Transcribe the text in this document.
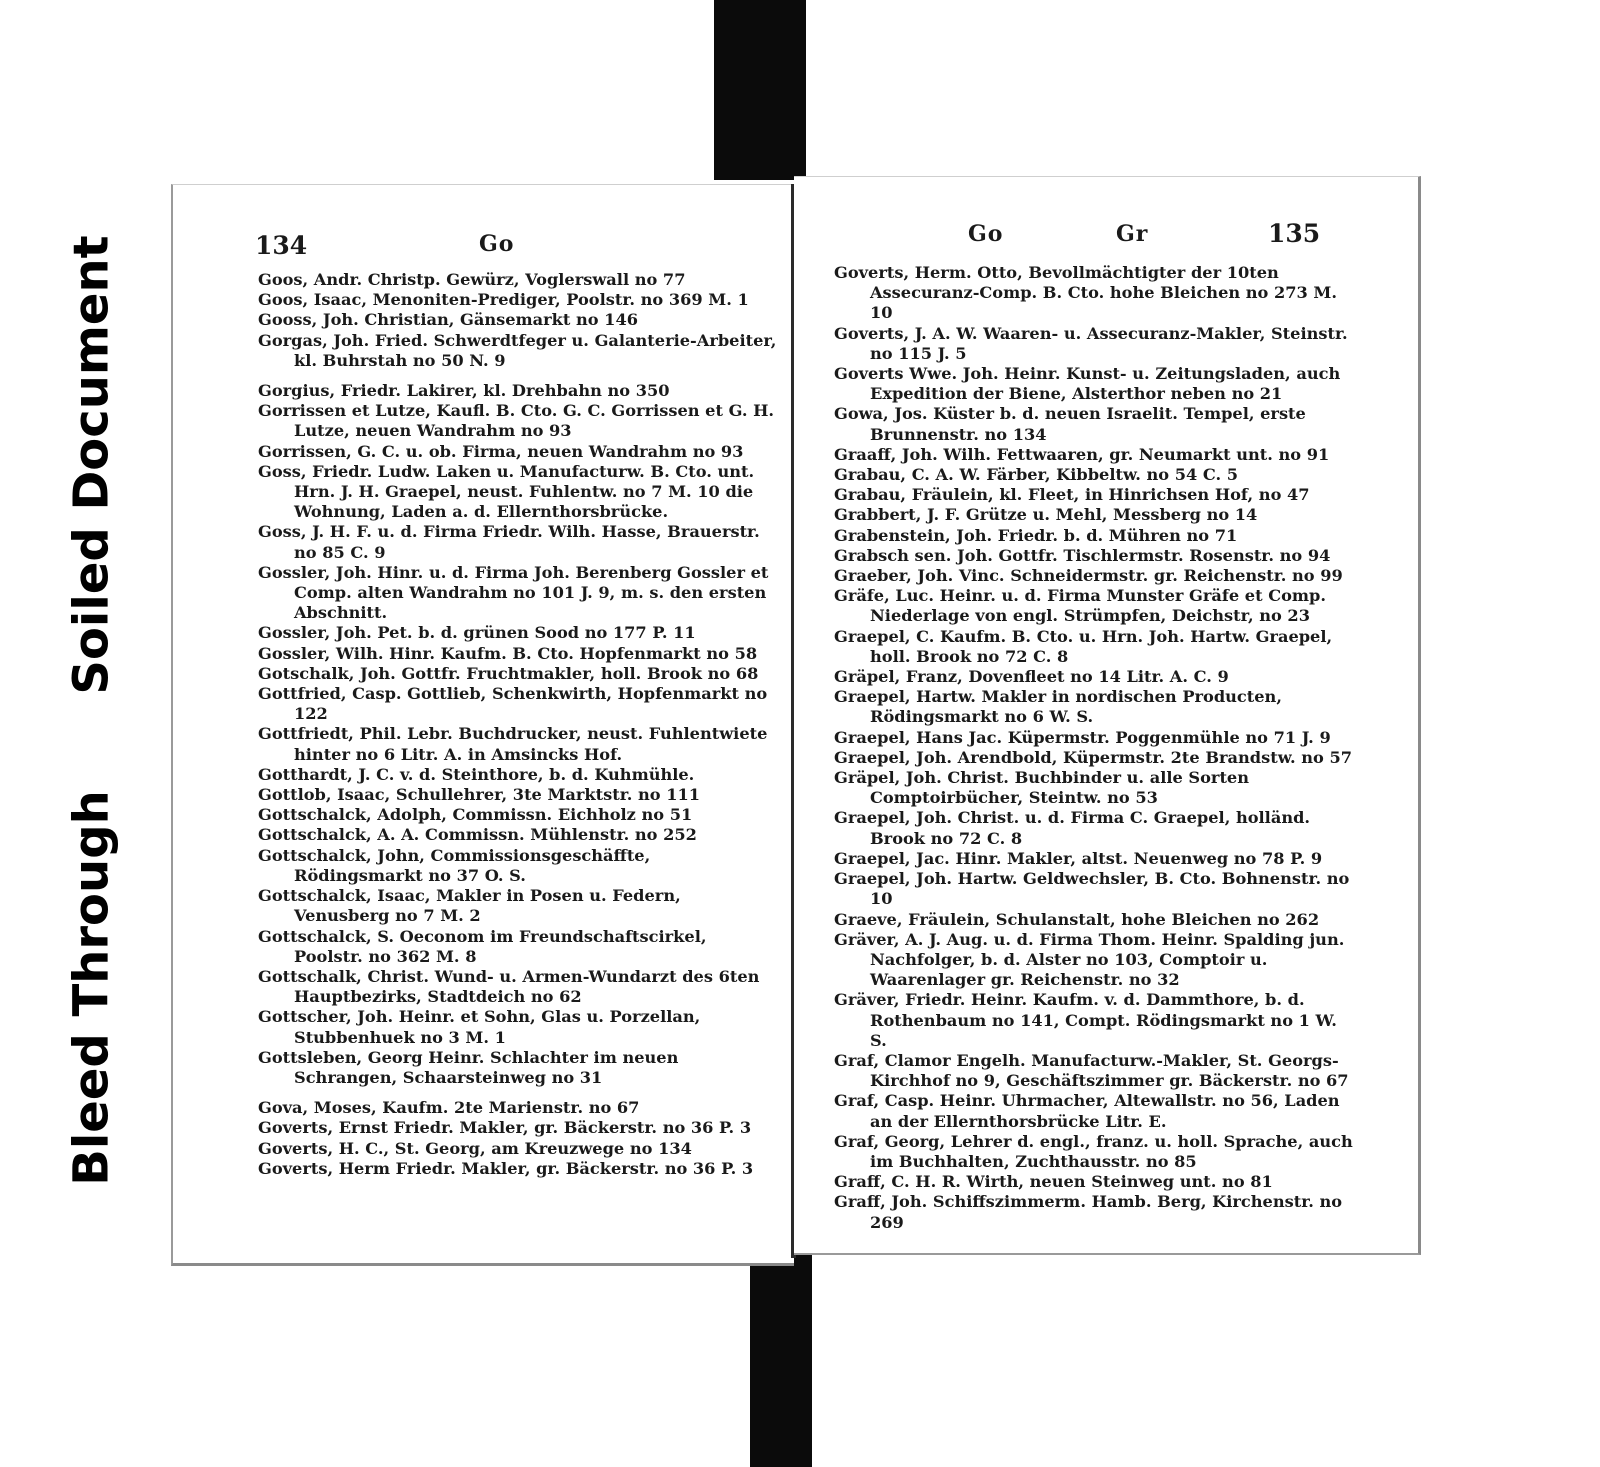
Soiled Document
Bleed Through
134	Go

Goos, Andr. Christp. Gewürz, Voglerswall no 77

Goos, Isaac, Menoniten-Prediger, Poolstr. no 369 M. 1

Gooss, Joh. Christian, Gänsemarkt no 146

Gorgas, Joh. Fried. Schwerdtfeger u. Galanterie-Arbeiter, kl. Buhrstah no 50 N. 9

Gorgius, Friedr. Lakirer, kl. Drehbahn no 350

Gorrissen et Lutze, Kaufl. B. Cto. G. C. Gorrissen et G. H. Lutze, neuen Wandrahm no 93

Gorrissen, G. C. u. ob. Firma, neuen Wandrahm no 93

Goss, Friedr. Ludw. Laken u. Manufacturw. B. Cto. unt. Hrn. J. H. Graepel, neust. Fuhlentw. no 7 M. 10 die Wohnung, Laden a. d. Ellernthorsbrücke.

Goss, J. H. F. u. d. Firma Friedr. Wilh. Hasse, Brauerstr. no 85 C. 9

Gossler, Joh. Hinr. u. d. Firma Joh. Berenberg Gossler et Comp. alten Wandrahm no 101 J. 9, m. s. den ersten Abschnitt.

Gossler, Joh. Pet. b. d. grünen Sood no 177 P. 11

Gossler, Wilh. Hinr. Kaufm. B. Cto. Hopfenmarkt no 58

Gotschalk, Joh. Gottfr. Fruchtmakler, holl. Brook no 68

Gottfried, Casp. Gottlieb, Schenkwirth, Hopfenmarkt no 122

Gottfriedt, Phil. Lebr. Buchdrucker, neust. Fuhlentwiete hinter no 6 Litr. A. in Amsincks Hof.

Gotthardt, J. C. v. d. Steinthore, b. d. Kuhmühle.

Gottlob, Isaac, Schullehrer, 3te Marktstr. no 111

Gottschalck, Adolph, Commissn. Eichholz no 51

Gottschalck, A. A. Commissn. Mühlenstr. no 252

Gottschalck, John, Commissionsgeschäffte, Rödingsmarkt no 37 O. S.

Gottschalck, Isaac, Makler in Posen u. Federn, Venusberg no 7 M. 2

Gottschalck, S. Oeconom im Freundschaftscirkel, Poolstr. no 362 M. 8

Gottschalk, Christ. Wund- u. Armen-Wundarzt des 6ten Hauptbezirks, Stadtdeich no 62

Gottscher, Joh. Heinr. et Sohn, Glas u. Porzellan, Stubbenhuek no 3 M. 1

Gottsleben, Georg Heinr. Schlachter im neuen Schrangen, Schaarsteinweg no 31

Gova, Moses, Kaufm. 2te Marienstr. no 67

Goverts, Ernst Friedr. Makler, gr. Bäckerstr. no 36 P. 3

Goverts, H. C., St. Georg, am Kreuzwege no 134

Goverts, Herm Friedr. Makler, gr. Bäckerstr. no 36 P. 3

Go	Gr	135

Goverts, Herm. Otto, Bevollmächtigter der 10ten Assecuranz-Comp. B. Cto. hohe Bleichen no 273 M. 10

Goverts, J. A. W. Waaren- u. Assecuranz-Makler, Steinstr. no 115 J. 5

Goverts Wwe. Joh. Heinr. Kunst- u. Zeitungsladen, auch Expedition der Biene, Alsterthor neben no 21

Gowa, Jos. Küster b. d. neuen Israelit. Tempel, erste Brunnenstr. no 134

Graaff, Joh. Wilh. Fettwaaren, gr. Neumarkt unt. no 91

Grabau, C. A. W. Färber, Kibbeltw. no 54 C. 5

Grabau, Fräulein, kl. Fleet, in Hinrichsen Hof, no 47

Grabbert, J. F. Grütze u. Mehl, Messberg no 14

Grabenstein, Joh. Friedr. b. d. Mühren no 71

Grabsch sen. Joh. Gottfr. Tischlermstr. Rosenstr. no 94

Graeber, Joh. Vinc. Schneidermstr. gr. Reichenstr. no 99

Gräfe, Luc. Heinr. u. d. Firma Munster Gräfe et Comp. Niederlage von engl. Strümpfen, Deichstr, no 23

Graepel, C. Kaufm. B. Cto. u. Hrn. Joh. Hartw. Graepel, holl. Brook no 72 C. 8

Gräpel, Franz, Dovenfleet no 14 Litr. A. C. 9

Graepel, Hartw. Makler in nordischen Producten, Rödingsmarkt no 6 W. S.

Graepel, Hans Jac. Küpermstr. Poggenmühle no 71 J. 9

Graepel, Joh. Arendbold, Küpermstr. 2te Brandstw. no 57

Gräpel, Joh. Christ. Buchbinder u. alle Sorten Comptoirbücher, Steintw. no 53

Graepel, Joh. Christ. u. d. Firma C. Graepel, holländ. Brook no 72 C. 8

Graepel, Jac. Hinr. Makler, altst. Neuenweg no 78 P. 9

Graepel, Joh. Hartw. Geldwechsler, B. Cto. Bohnenstr. no 10

Graeve, Fräulein, Schulanstalt, hohe Bleichen no 262

Gräver, A. J. Aug. u. d. Firma Thom. Heinr. Spalding jun. Nachfolger, b. d. Alster no 103, Comptoir u. Waarenlager gr. Reichenstr. no 32

Gräver, Friedr. Heinr. Kaufm. v. d. Dammthore, b. d. Rothenbaum no 141, Compt. Rödingsmarkt no 1 W. S.

Graf, Clamor Engelh. Manufacturw.-Makler, St. Georgs-Kirchhof no 9, Geschäftszimmer gr. Bäckerstr. no 67

Graf, Casp. Heinr. Uhrmacher, Altewallstr. no 56, Laden an der Ellernthorsbrücke Litr. E.

Graf, Georg, Lehrer d. engl., franz. u. holl. Sprache, auch im Buchhalten, Zuchthausstr. no 85

Graff, C. H. R. Wirth, neuen Steinweg unt. no 81

Graff, Joh. Schiffszimmerm. Hamb. Berg, Kirchenstr. no 269
